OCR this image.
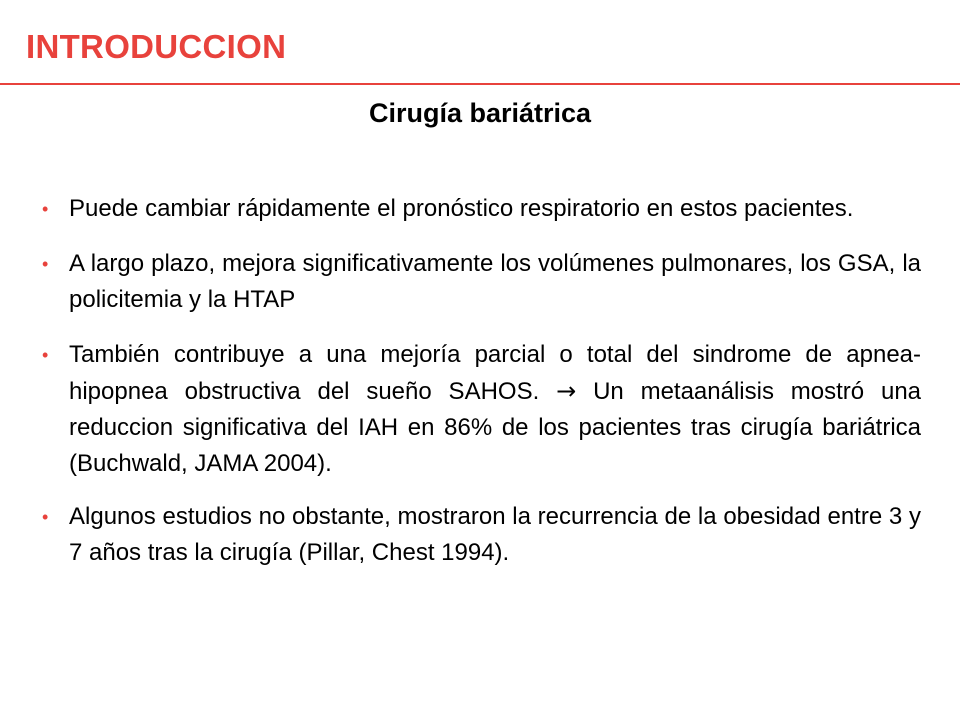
INTRODUCCION
Cirugía bariátrica
• Puede cambiar rápidamente el pronóstico respiratorio en estos pacientes.
• A largo plazo, mejora significativamente los volúmenes pulmonares, los GSA, la policitemia y la HTAP
• También contribuye a una mejoría parcial o total del sindrome de apnea-hipopnea obstructiva del sueño SAHOS. → Un metaanálisis mostró una reduccion significativa del IAH en 86% de los pacientes tras cirugía bariátrica (Buchwald, JAMA 2004).
• Algunos estudios no obstante, mostraron la recurrencia de la obesidad entre 3 y 7 años tras la cirugía (Pillar, Chest 1994).
